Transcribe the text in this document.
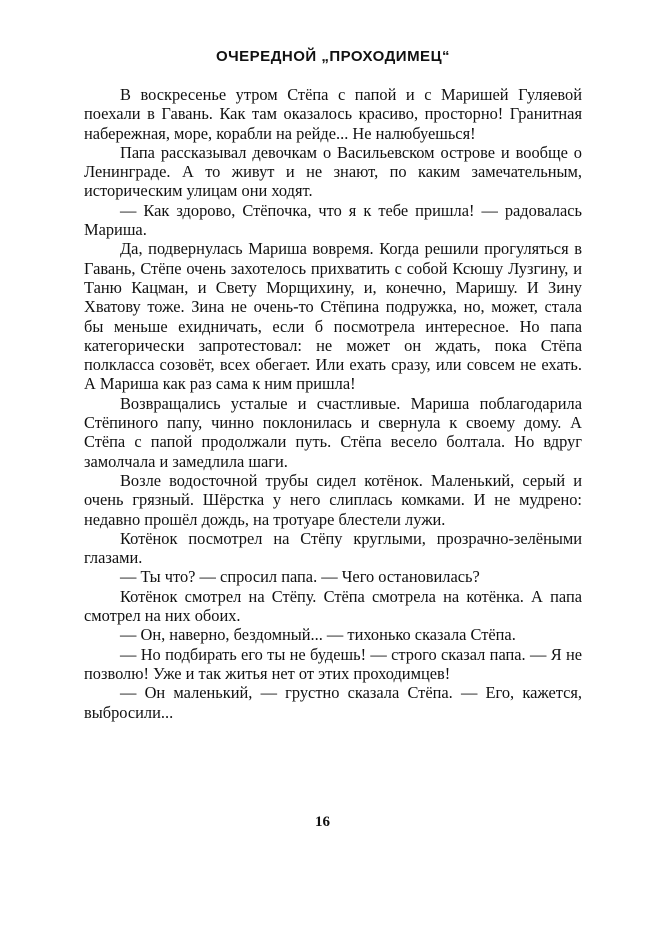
ОЧЕРЕДНОЙ „ПРОХОДИМЕЦ“

В воскресенье утром Стёпа с папой и с Маришей Гуляевой поехали в Гавань. Как там оказалось красиво, просторно! Гранитная набережная, море, корабли на рейде... Не налюбуешься!

Папа рассказывал девочкам о Васильевском острове и вообще о Ленинграде. А то живут и не знают, по каким замечательным, историческим улицам они ходят.

— Как здорово, Стёпочка, что я к тебе пришла! — радовалась Мариша.

Да, подвернулась Мариша вовремя. Когда решили прогуляться в Гавань, Стёпе очень захотелось прихватить с собой Ксюшу Лузгину, и Таню Кацман, и Свету Морщихину, и, конечно, Маришу. И Зину Хватову тоже. Зина не очень-то Стёпина подружка, но, может, стала бы меньше ехидничать, если б посмотрела интересное. Но папа категорически запротестовал: не может он ждать, пока Стёпа полкласса созовёт, всех обегает. Или ехать сразу, или совсем не ехать. А Мариша как раз сама к ним пришла!

Возвращались усталые и счастливые. Мариша поблагодарила Стёпиного папу, чинно поклонилась и свернула к своему дому. А Стёпа с папой продолжали путь. Стёпа весело болтала. Но вдруг замолчала и замедлила шаги.

Возле водосточной трубы сидел котёнок. Маленький, серый и очень грязный. Шёрстка у него слиплась комками. И не мудрено: недавно прошёл дождь, на тротуаре блестели лужи.

Котёнок посмотрел на Стёпу круглыми, прозрачно-зелёными глазами.

— Ты что? — спросил папа. — Чего остановилась?

Котёнок смотрел на Стёпу. Стёпа смотрела на котёнка. А папа смотрел на них обоих.

— Он, наверно, бездомный... — тихонько сказала Стёпа.

— Но подбирать его ты не будешь! — строго сказал папа. — Я не позволю! Уже и так житья нет от этих проходимцев!

— Он маленький, — грустно сказала Стёпа. — Его, кажется, выбросили...

16
